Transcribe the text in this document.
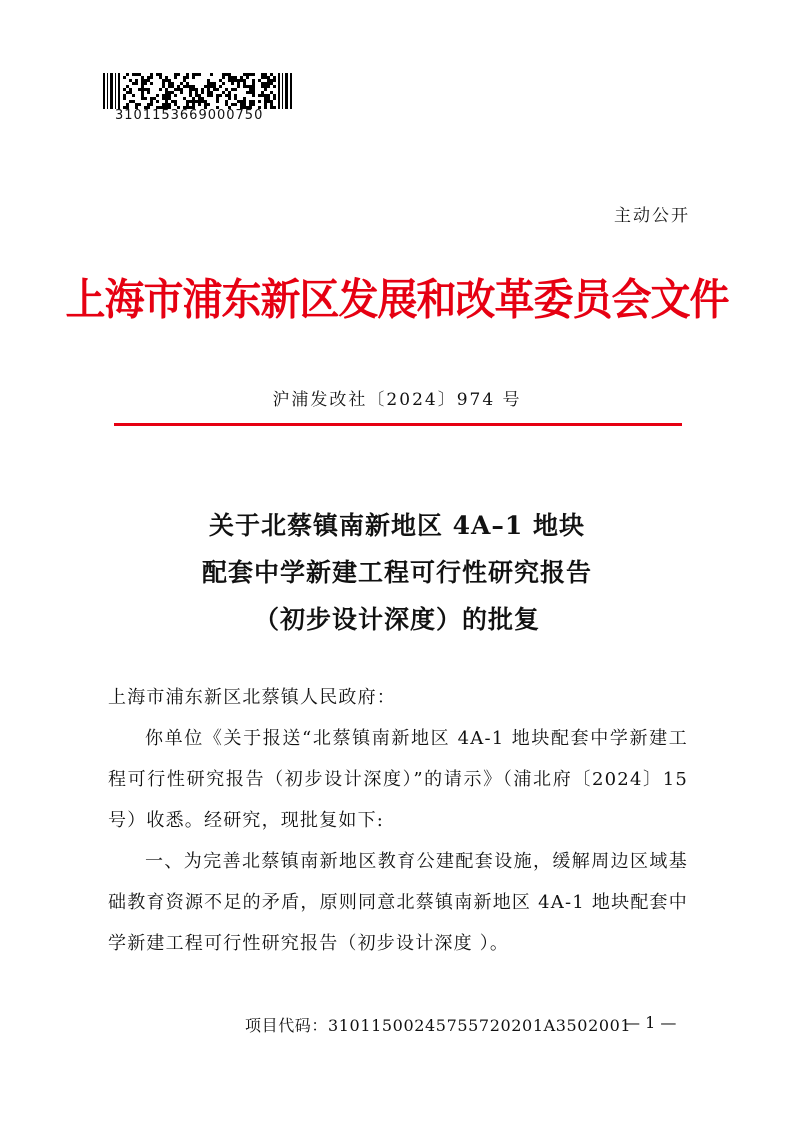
3101153669000750
主动公开
上海市浦东新区发展和改革委员会文件
沪浦发改社〔2024〕974 号
关于北蔡镇南新地区 4A–1 地块
配套中学新建工程可行性研究报告
（初步设计深度）的批复

上海市浦东新区北蔡镇人民政府：

你单位《关于报送“北蔡镇南新地区 4A-1 地块配套中学新建工程可行性研究报告（初步设计深度）”的请示》（浦北府〔2024〕15 号）收悉。经研究，现批复如下:

一、为完善北蔡镇南新地区教育公建配套设施，缓解周边区域基础教育资源不足的矛盾，原则同意北蔡镇南新地区 4A-1 地块配套中学新建工程可行性研究报告（初步设计深度 ）。

项目代码：31011500245755720201A3502001
— 1 —
